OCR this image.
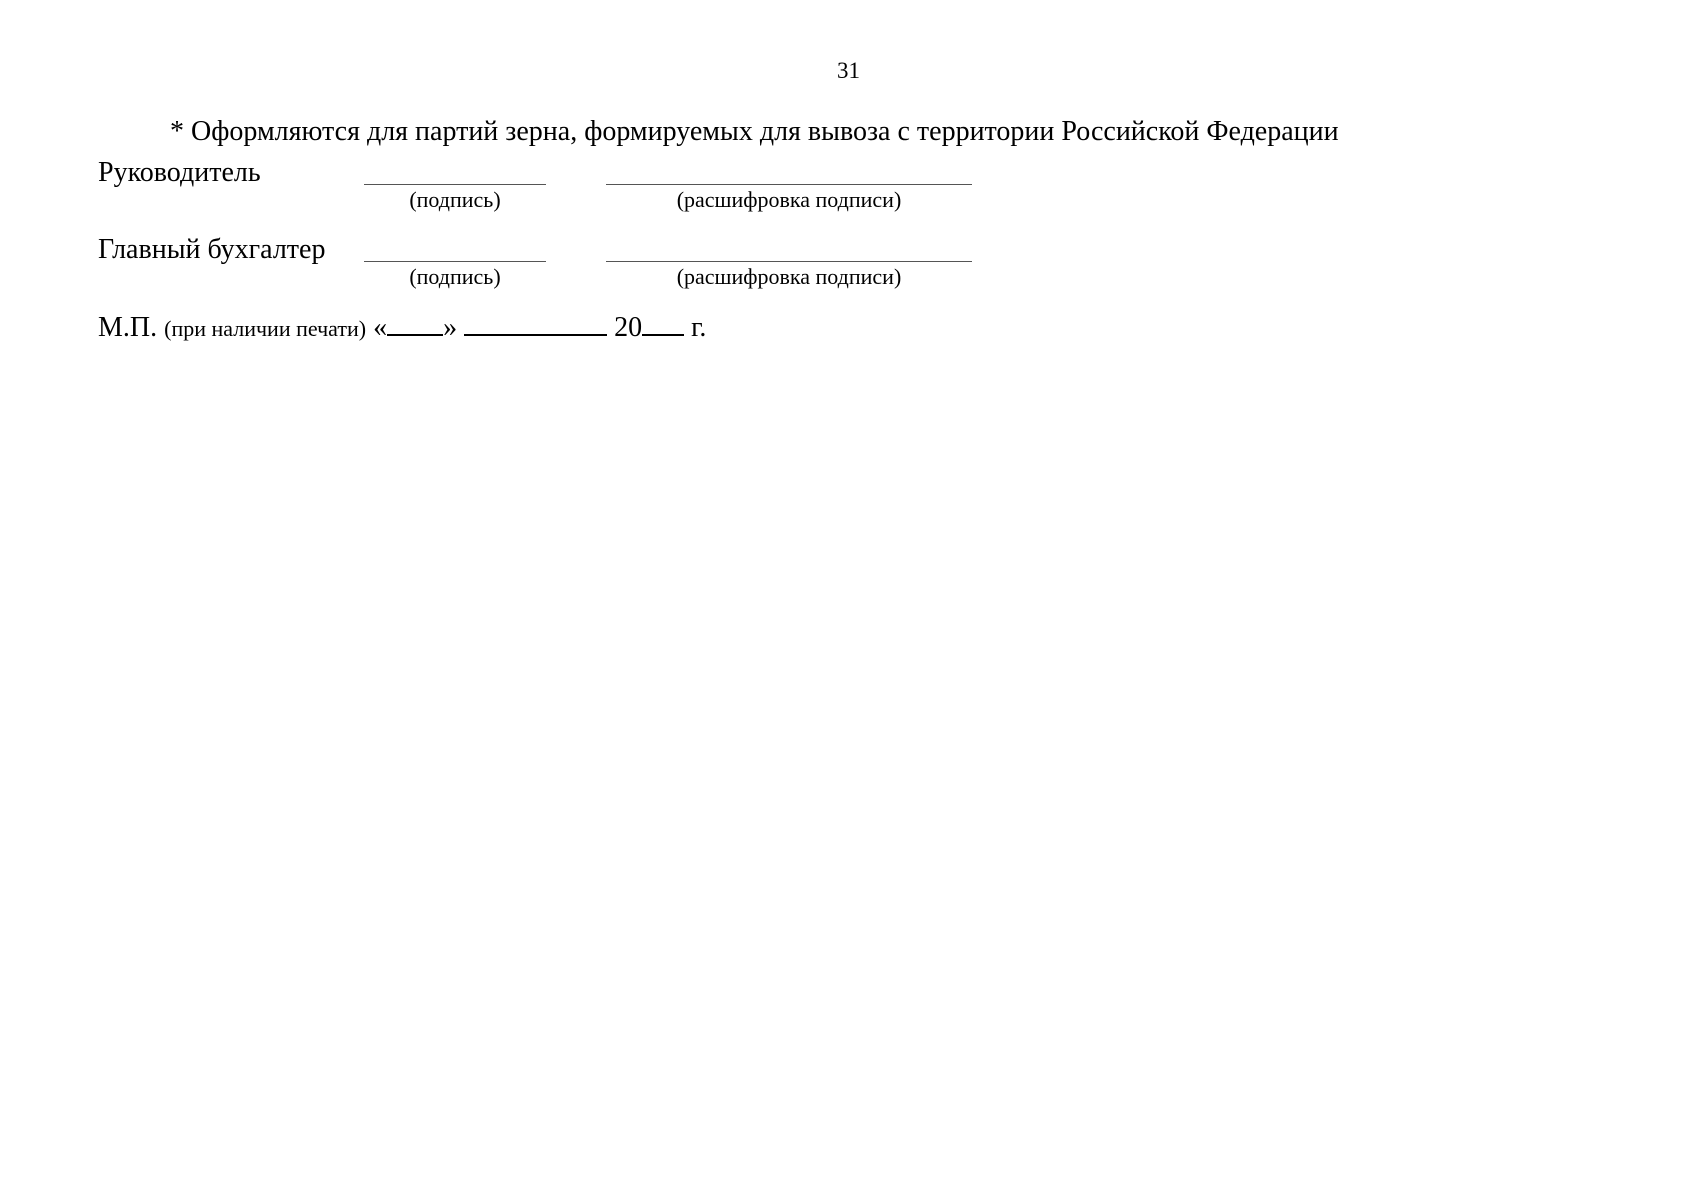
31
* Оформляются для партий зерна, формируемых для вывоза с территории Российской Федерации
Руководитель
(подпись)	(расшифровка подписи)
Главный бухгалтер
(подпись)	(расшифровка подписи)
М.П. (при наличии печати) « »	20 г.
